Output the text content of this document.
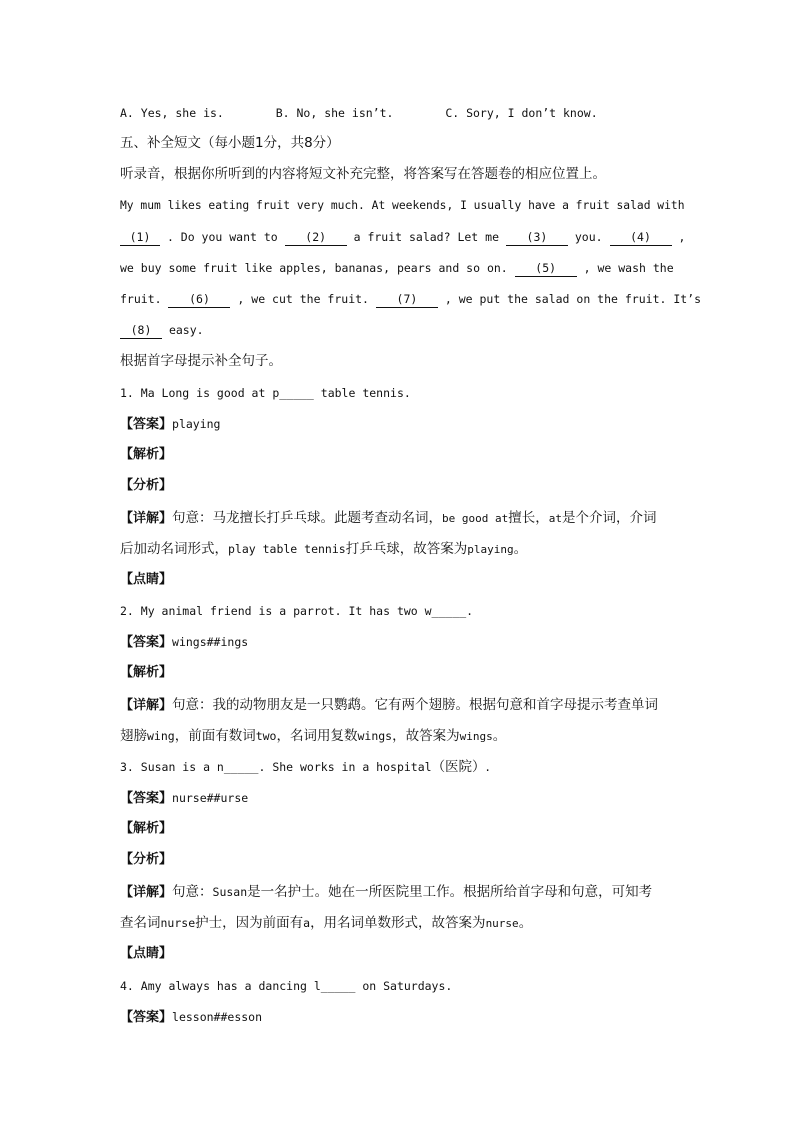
A. Yes, she is.	B. No, she isn’t.	C. Sory, I don’t know.
五、补全短文（每小题1分，共8分）
听录音，根据你所听到的内容将短文补充完整，将答案写在答题卷的相应位置上。
My mum likes eating fruit very much. At weekends, I usually have a fruit salad with
(1) . Do you want to (2) a fruit salad? Let me (3) you. (4) ,
we buy some fruit like apples, bananas, pears and so on. (5) , we wash the
fruit. (6) , we cut the fruit. (7) , we put the salad on the fruit. It’s
(8) easy.
根据首字母提示补全句子。
1. Ma Long is good at p_____ table tennis.
【答案】playing
【解析】
【分析】
【详解】句意：马龙擅长打乒乓球。此题考查动名词，be good at擅长，at是个介词，介词
后加动名词形式，play table tennis打乒乓球，故答案为playing。
【点睛】
2. My animal friend is a parrot. It has two w_____.
【答案】wings##ings
【解析】
【详解】句意：我的动物朋友是一只鹦鹉。它有两个翅膀。根据句意和首字母提示考查单词
翅膀wing，前面有数词two，名词用复数wings，故答案为wings。
3. Susan is a n_____. She works in a hospital（医院）.
【答案】nurse##urse
【解析】
【分析】
【详解】句意：Susan是一名护士。她在一所医院里工作。根据所给首字母和句意，可知考
查名词nurse护士，因为前面有a，用名词单数形式，故答案为nurse。
【点睛】
4. Amy always has a dancing l_____ on Saturdays.
【答案】lesson##esson
